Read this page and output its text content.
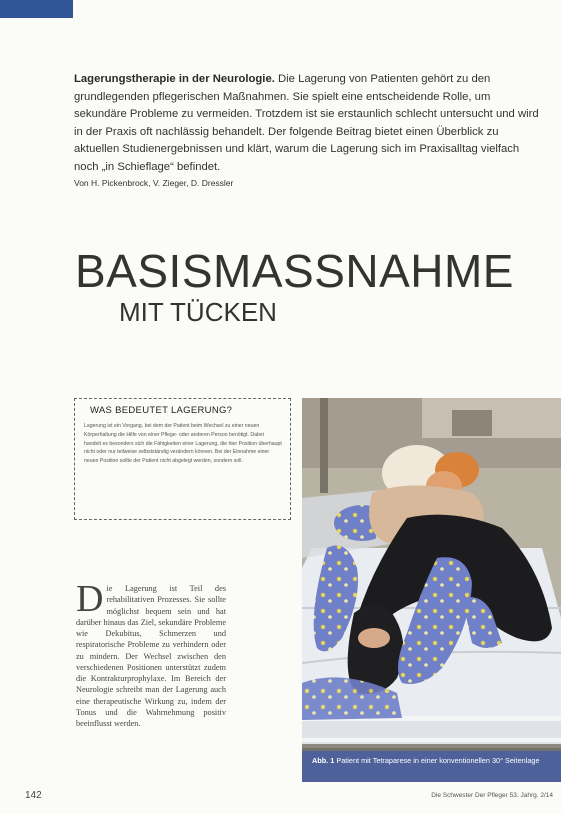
Lagerungstherapie in der Neurologie. Die Lagerung von Patienten gehört zu den grundlegenden pflegerischen Maßnahmen. Sie spielt eine entscheidende Rolle, um sekundäre Probleme zu vermeiden. Trotzdem ist sie erstaunlich schlecht untersucht und wird in der Praxis oft nachlässig behandelt. Der folgende Beitrag bietet einen Überblick zu aktuellen Studienergebnissen und klärt, warum die Lagerung sich im Praxisalltag vielfach noch „in Schieflage“ befindet.
Von H. Pickenbrock, V. Zieger, D. Dressler
BASISMASSNAHME
MIT TÜCKEN
WAS BEDEUTET LAGERUNG?

Lagerung ist ein Vorgang, bei dem der Patient beim Wechsel zu einer neuen Körperhaltung die Hilfe von einer Pflege- oder anderen Person benötigt. Dabei handelt es besonders sich die Fähigkeiten einer Lagerung, die hier Position überhaupt nicht oder nur teilweise selbstständig verändern können. Bei der Einnahme einer neuen Position sollte der Patient nicht abgelegt werden, sondern soll.

Die Lagerung ist Teil des rehabilitativen Prozesses. Sie sollte möglichst bequem sein und hat darüber hinaus das Ziel, sekundäre Probleme wie Dekubitus, Schmerzen und respiratorische Probleme zu verhindern oder zu mindern. Der Wechsel zwischen den verschiedenen Positionen unterstützt zudem die Kontrakturprophylaxe. Im Bereich der Neurologie schreibt man der Lagerung auch eine therapeutische Wirkung zu, indem der Tonus und die Wahrnehmung positiv beeinflusst werden.
Abb. 1 Patient mit Tetraparese in einer konventionellen 30° Seitenlage
142	Die Schwester Der Pfleger 53. Jahrg. 2/14
